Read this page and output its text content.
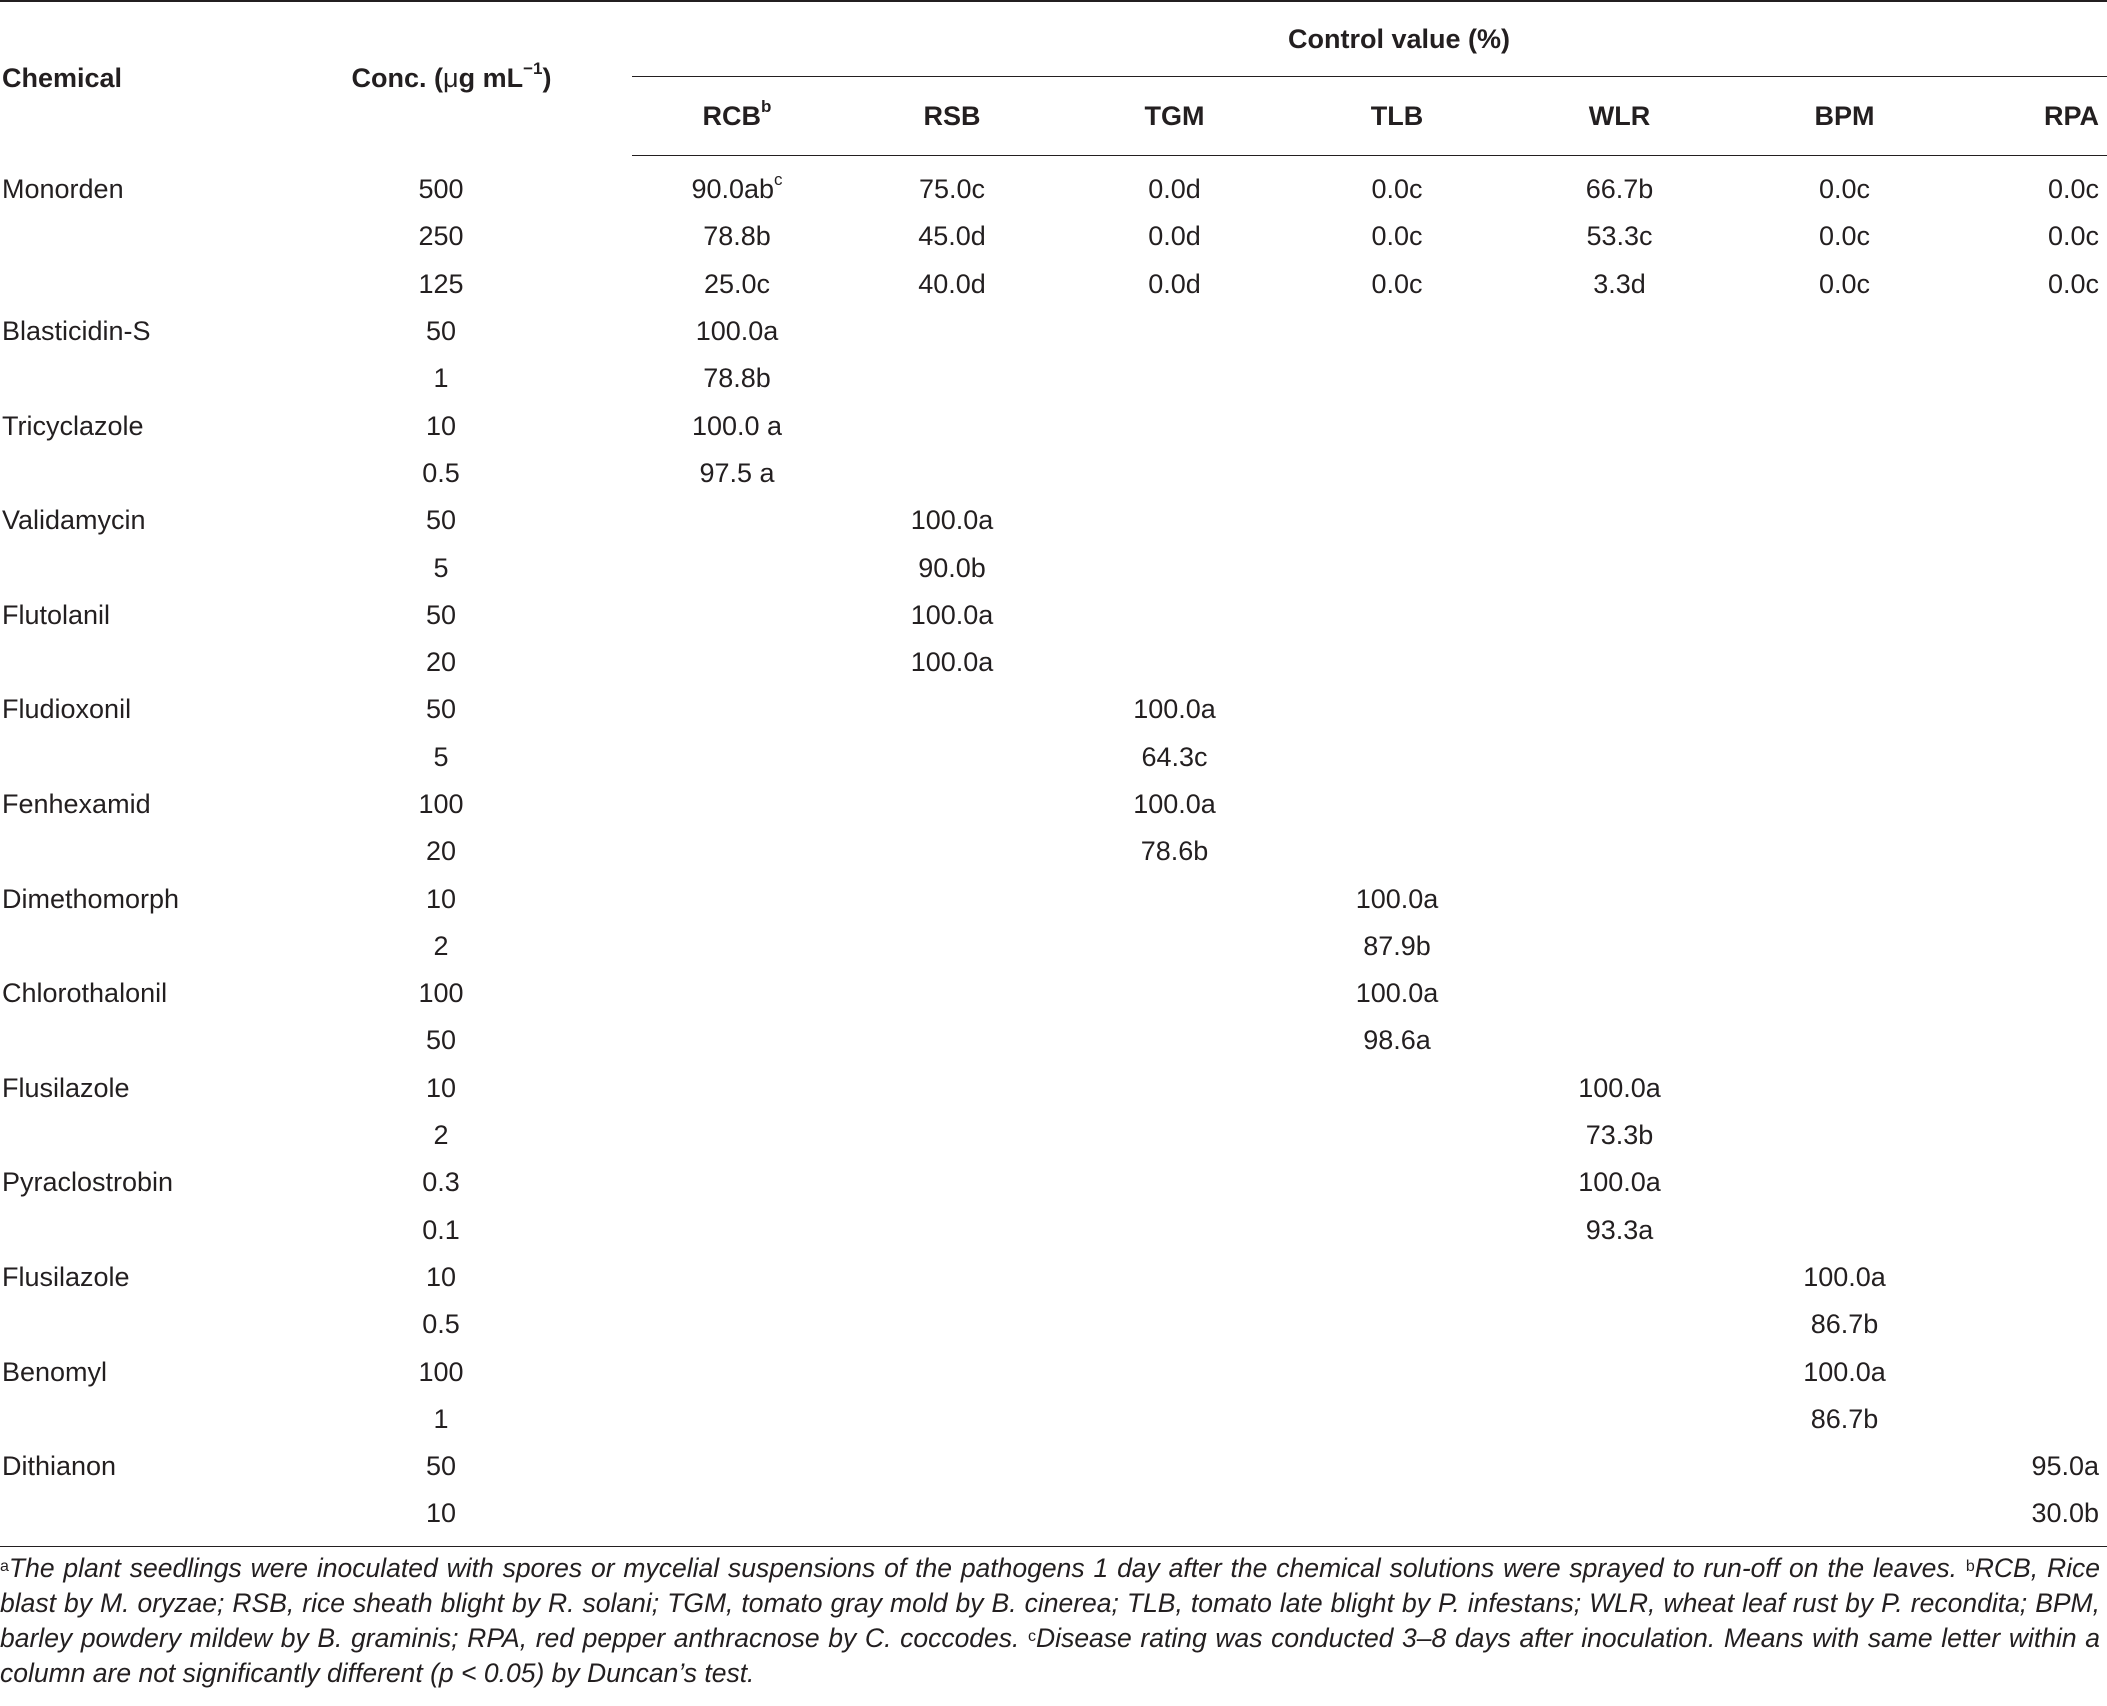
Chemical	Conc. (μg $mL^{-1}$)	Control value (%)						
		RCB$^b$	RSB	TGM	TLB	WLR	BPM	RPA
Monorden	500	$90.0ab^c$	75.0c	0.0d	0.0c	66.7b	0.0c	0.0c
	250	78.8b	45.0d	0.0d	0.0c	53.3c	0.0c	0.0c
	125	25.0c	40.0d	0.0d	0.0c	3.3d	0.0c	0.0c
Blasticidin-S	50	100.0a						
	1	78.8b						
Tricyclazole	10	100.0 a						
	0.5	97.5 a						
Validamycin	50		100.0a					
	5		90.0b					
Flutolanil	50		100.0a					
	20		100.0a					
Fludioxonil	50			100.0a				
	5			64.3c				
Fenhexamid	100			100.0a				
	20			78.6b				
Dimethomorph	10				100.0a			
	2				87.9b			
Chlorothalonil	100				100.0a			
	50				98.6a			
Flusilazole	10					100.0a		
	2					73.3b		
Pyraclostrobin	0.3					100.0a		
	0.1					93.3a		
Flusilazole	10						100.0a	
	0.5						86.7b	
Benomyl	100						100.0a	
	1						86.7b	
Dithianon	50							95.0a
	10							30.0b

$^a$The plant seedlings were inoculated with spores or mycelial suspensions of the pathogens 1 day after the chemical solutions were sprayed to run-off on the leaves. $^b$RCB, Rice blast by M. oryzae; RSB, rice sheath blight by R. solani; TGM, tomato gray mold by B. cinerea; TLB, tomato late blight by P. infestans; WLR, wheat leaf rust by P. recondita; BPM, barley powdery mildew by B. graminis; RPA, red pepper anthracnose by C. coccodes. $^c$Disease rating was conducted 3–8 days after inoculation. Means with same letter within a column are not significantly different (p < 0.05) by Duncan’s test.
